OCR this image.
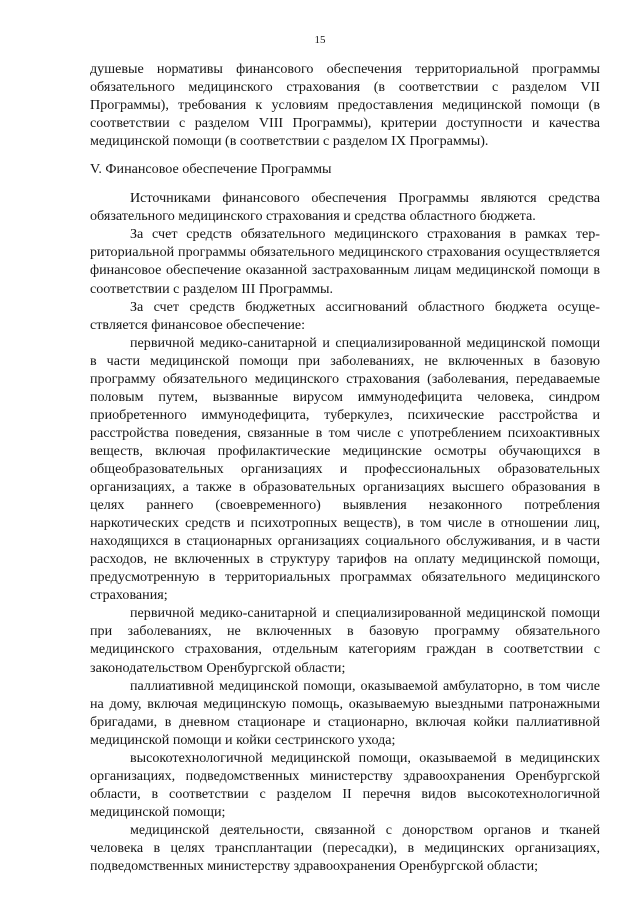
15

душевые нормативы финансового обеспечения территориальной программы обязательного медицинского страхования (в соответствии с разделом VII Программы), требования к условиям предоставления медицинской помощи (в соответствии с разделом VIII Программы), критерии доступности и качества медицинской помощи (в соответствии с разделом IX Программы).

V. Финансовое обеспечение Программы

Источниками финансового обеспечения Программы являются средства обязательного медицинского страхования и средства областного бюджета.

За счет средств обязательного медицинского страхования в рамках территориальной программы обязательного медицинского страхования осуществляется финансовое обеспечение оказанной застрахованным лицам медицинской помощи в соответствии с разделом III Программы.

За счет средств бюджетных ассигнований областного бюджета осуществляется финансовое обеспечение:

первичной медико-санитарной и специализированной медицинской помощи в части медицинской помощи при заболеваниях, не включенных в базовую программу обязательного медицинского страхования (заболевания, передаваемые половым путем, вызванные вирусом иммунодефицита человека, синдром приобретенного иммунодефицита, туберкулез, психические расстройства и расстройства поведения, связанные в том числе с употреблением психоактивных веществ, включая профилактические медицинские осмотры обучающихся в общеобразовательных организациях и профессиональных образовательных организациях, а также в образовательных организациях высшего образования в целях раннего (своевременного) выявления незаконного потребления наркотических средств и психотропных веществ), в том числе в отношении лиц, находящихся в стационарных организациях социального обслуживания, и в части расходов, не включенных в структуру тарифов на оплату медицинской помощи, предусмотренную в территориальных программах обязательного медицинского страхования;

первичной медико-санитарной и специализированной медицинской помощи при заболеваниях, не включенных в базовую программу обязательного медицинского страхования, отдельным категориям граждан в соответствии с законодательством Оренбургской области;

паллиативной медицинской помощи, оказываемой амбулаторно, в том числе на дому, включая медицинскую помощь, оказываемую выездными патронажными бригадами, в дневном стационаре и стационарно, включая койки паллиативной медицинской помощи и койки сестринского ухода;

высокотехнологичной медицинской помощи, оказываемой в медицинских организациях, подведомственных министерству здравоохранения Оренбургской области, в соответствии с разделом II перечня видов высокотехнологичной медицинской помощи;

медицинской деятельности, связанной с донорством органов и тканей человека в целях трансплантации (пересадки), в медицинских организациях, подведомственных министерству здравоохранения Оренбургской области;
